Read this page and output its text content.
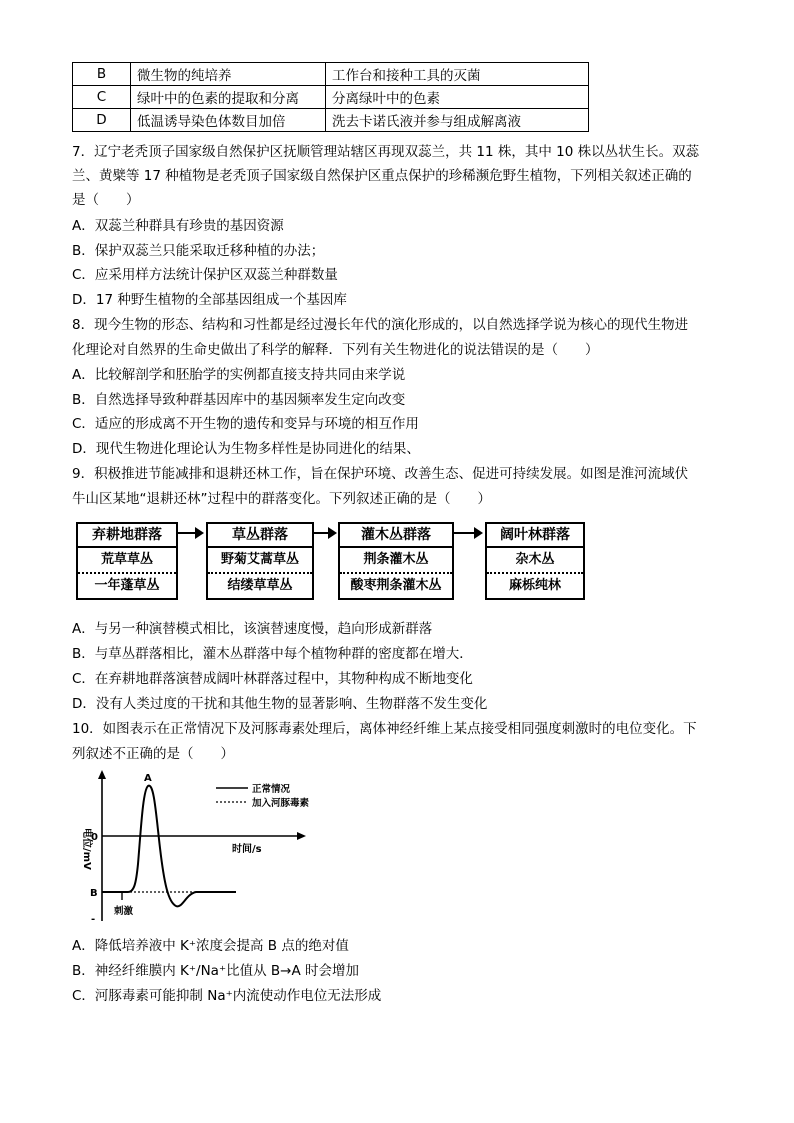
B	微生物的纯培养	工作台和接种工具的灭菌
C	绿叶中的色素的提取和分离	分离绿叶中的色素
D	低温诱导染色体数目加倍	洗去卡诺氏液并参与组成解离液
7．辽宁老秃顶子国家级自然保护区抚顺管理站辖区再现双蕊兰，共 11 株，其中 10 株以丛状生长。双蕊
兰、黄檗等 17 种植物是老秃顶子国家级自然保护区重点保护的珍稀濒危野生植物，下列相关叙述正确的
是（　　）
A．双蕊兰种群具有珍贵的基因资源
B．保护双蕊兰只能采取迁移种植的办法；
C．应采用样方法统计保护区双蕊兰种群数量
D．17 种野生植物的全部基因组成一个基因库
8．现今生物的形态、结构和习性都是经过漫长年代的演化形成的，以自然选择学说为核心的现代生物进
化理论对自然界的生命史做出了科学的解释．下列有关生物进化的说法错误的是（　　）
A．比较解剖学和胚胎学的实例都直接支持共同由来学说
B．自然选择导致种群基因库中的基因频率发生定向改变
C．适应的形成离不开生物的遗传和变异与环境的相互作用
D．现代生物进化理论认为生物多样性是协同进化的结果、
9．积极推进节能减排和退耕还林工作，旨在保护环境、改善生态、促进可持续发展。如图是淮河流域伏
牛山区某地“退耕还林”过程中的群落变化。下列叙述正确的是（　　）
弃耕地群落
荒草草丛
一年蓬草丛
草丛群落
野菊艾蒿草丛
结缕草草丛
灌木丛群落
荆条灌木丛
酸枣荆条灌木丛
阔叶林群落
杂木丛
麻栎纯林
A．与另一种演替模式相比，该演替速度慢，趋向形成新群落
B．与草丛群落相比，灌木丛群落中每个植物种群的密度都在增大．
C．在弃耕地群落演替成阔叶林群落过程中，其物种构成不断地变化
D．没有人类过度的干扰和其他生物的显著影响、生物群落不发生变化
10．如图表示在正常情况下及河豚毒素处理后，离体神经纤维上某点接受相同强度刺激时的电位变化。下
列叙述不正确的是（　　）
正常情况
加入河豚毒素
A
B
0
-
时间/s
刺激
电位/mV
A．降低培养液中 K⁺浓度会提高 B 点的绝对值
B．神经纤维膜内 K⁺/Na⁺比值从 B→A 时会增加
C．河豚毒素可能抑制 Na⁺内流使动作电位无法形成
